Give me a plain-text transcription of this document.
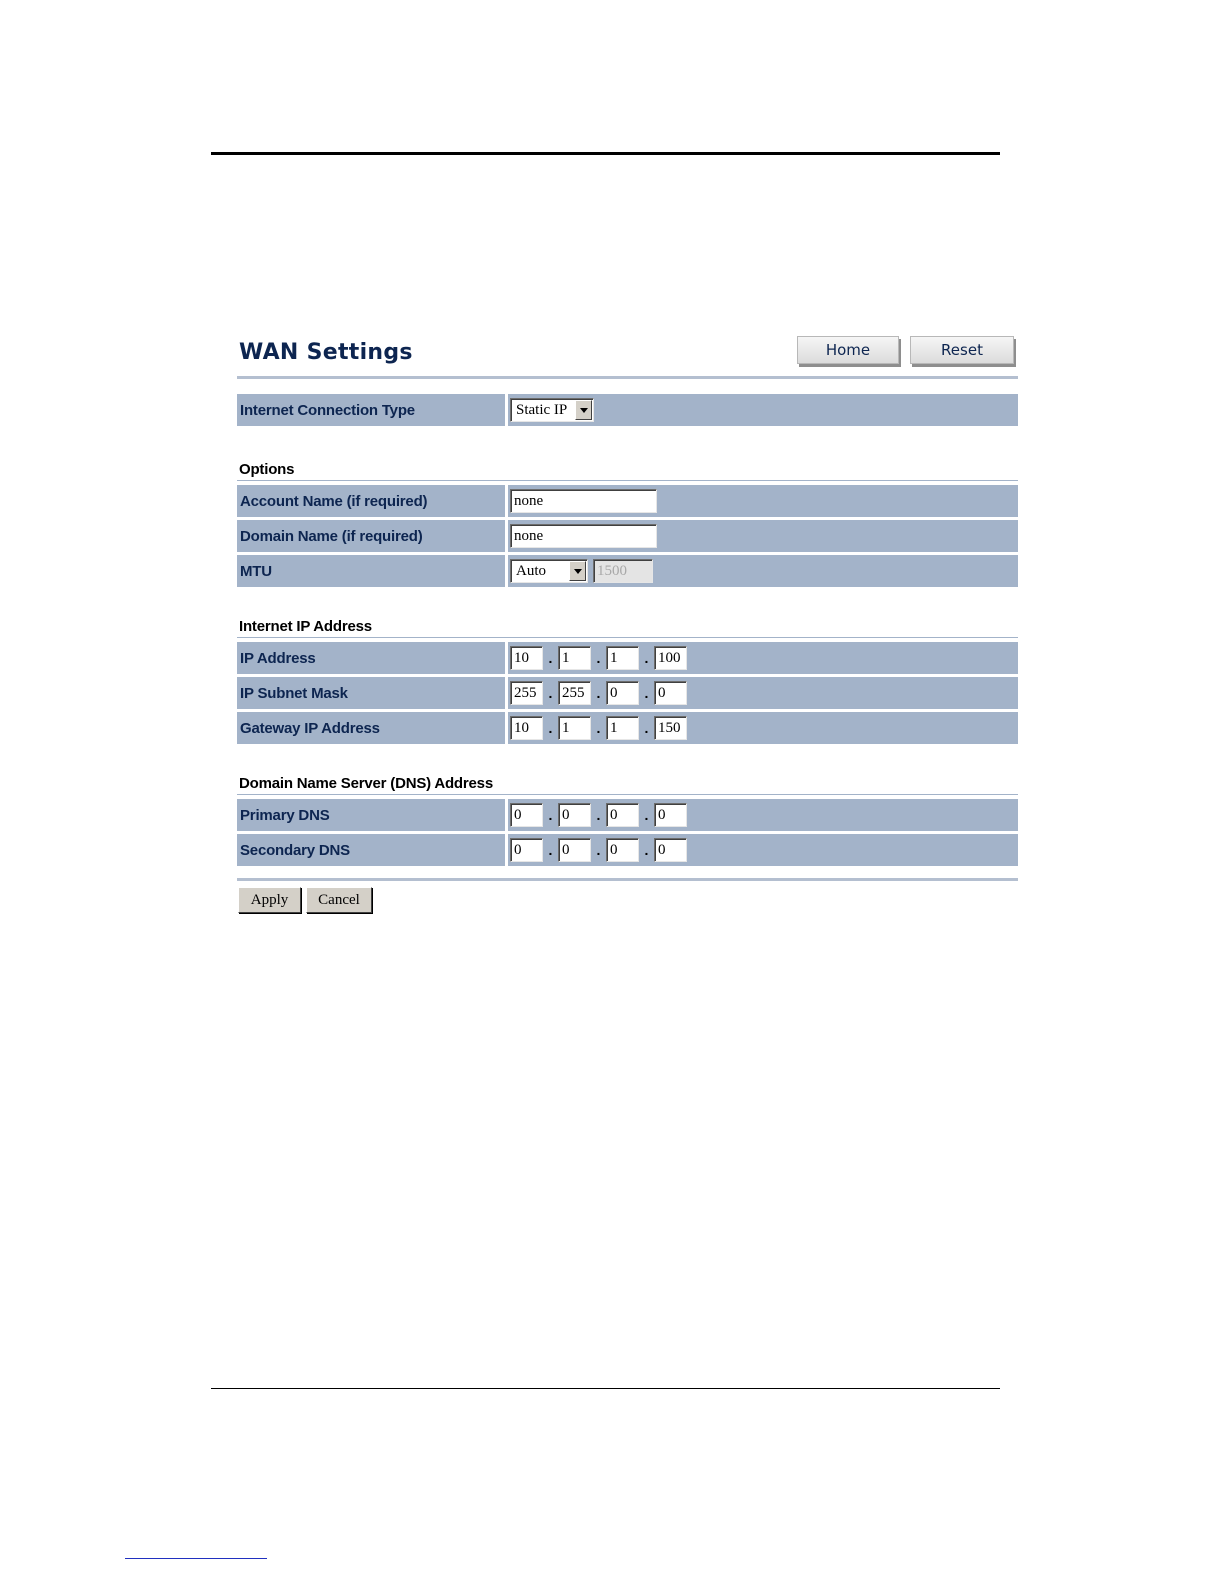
WAN Settings	Home	Reset
Internet Connection Type	Static IP
Options
Account Name (if required)	none
Domain Name (if required)	none
MTU	Auto	1500
Internet IP Address
IP Address	10	. 1	. 1	. 100
IP Subnet Mask	255 . 255 . 0	. 0
Gateway IP Address	10	. 1	. 1	. 150
Domain Name Server (DNS) Address
Primary DNS	0	. 0	. 0	. 0
Secondary DNS	0	. 0	. 0	. 0
Apply	Cancel
